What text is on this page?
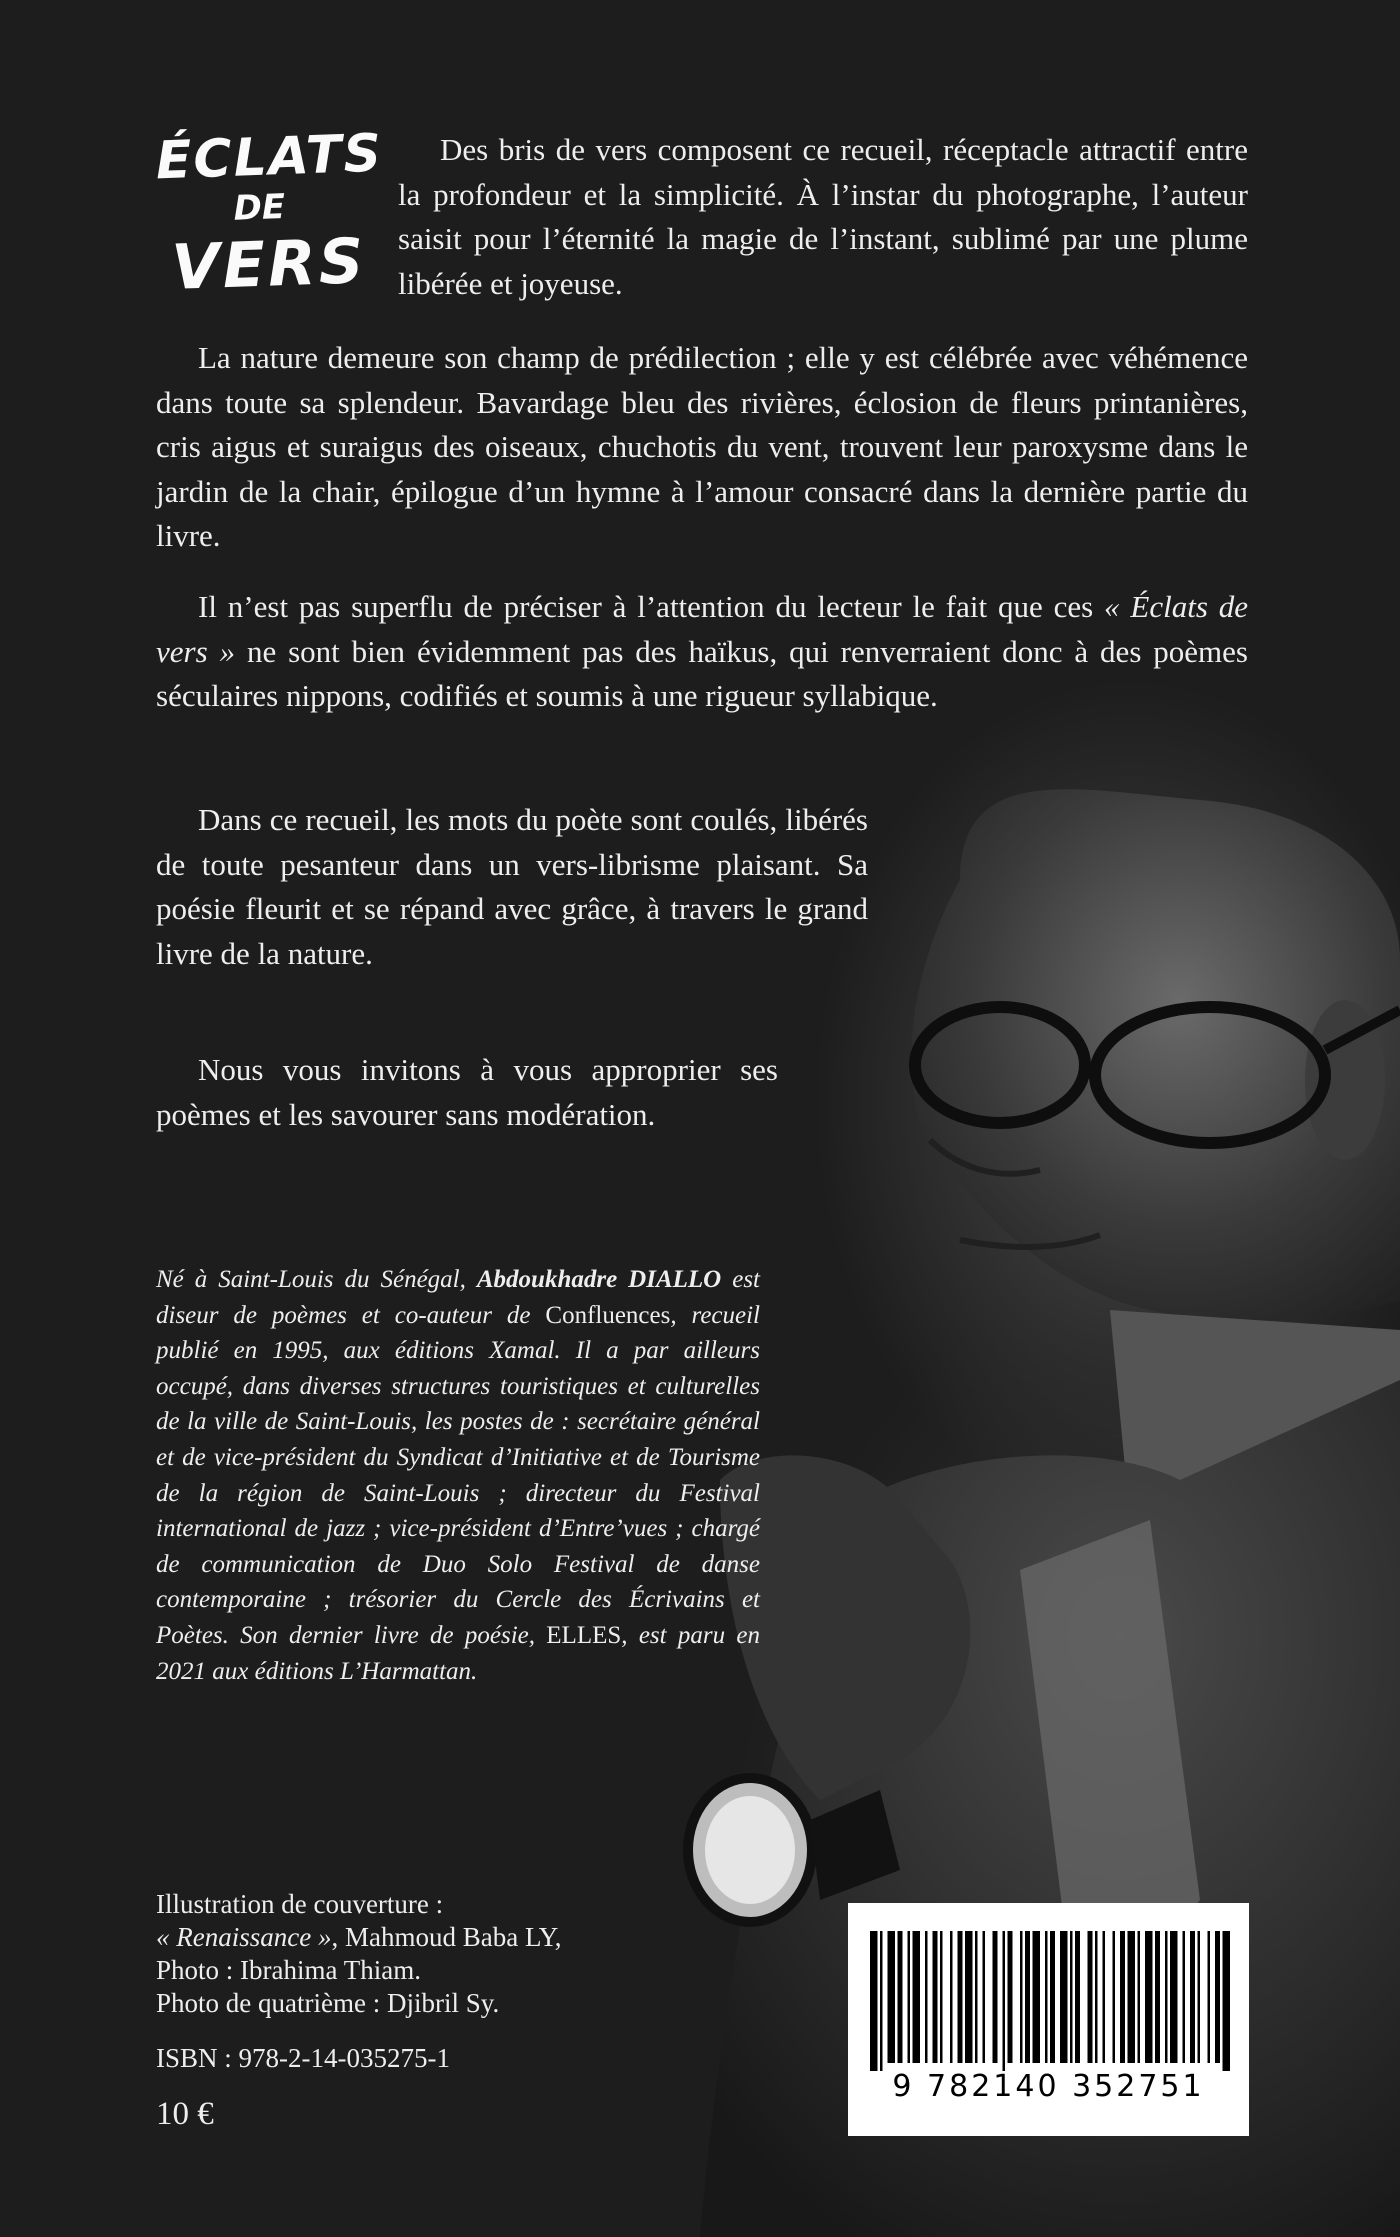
ÉCLATS
DE
VERS

Des bris de vers composent ce recueil, réceptacle attractif entre la profondeur et la simplicité. À l’instar du photographe, l’auteur saisit pour l’éternité la magie de l’instant, sublimé par une plume libérée et joyeuse.

La nature demeure son champ de prédilection ; elle y est célébrée avec véhémence dans toute sa splendeur. Bavardage bleu des rivières, éclosion de fleurs printanières, cris aigus et suraigus des oiseaux, chuchotis du vent, trouvent leur paroxysme dans le jardin de la chair, épilogue d’un hymne à l’amour consacré dans la dernière partie du livre.

Il n’est pas superflu de préciser à l’attention du lecteur le fait que ces « Éclats de vers » ne sont bien évidemment pas des haïkus, qui renverraient donc à des poèmes séculaires nippons, codifiés et soumis à une rigueur syllabique.

Dans ce recueil, les mots du poète sont coulés, libérés de toute pesanteur dans un vers-librisme plaisant. Sa poésie fleurit et se répand avec grâce, à travers le grand livre de la nature.

Nous vous invitons à vous approprier ses poèmes et les savourer sans modération.

Né à Saint-Louis du Sénégal, Abdoukhadre DIALLO est diseur de poèmes et co-auteur de Confluences, recueil publié en 1995, aux éditions Xamal. Il a par ailleurs occupé, dans diverses structures touristiques et culturelles de la ville de Saint-Louis, les postes de : secrétaire général et de vice-président du Syndicat d’Initiative et de Tourisme de la région de Saint-Louis ; directeur du Festival international de jazz ; vice-président d’Entre’vues ; chargé de communication de Duo Solo Festival de danse contemporaine ; trésorier du Cercle des Écrivains et Poètes. Son dernier livre de poésie, ELLES, est paru en 2021 aux éditions L’Harmattan.

Illustration de couverture :
« Renaissance », Mahmoud Baba LY,
Photo : Ibrahima Thiam.
Photo de quatrième : Djibril Sy.
ISBN : 978-2-14-035275-1
10 €
9 782140 352751
